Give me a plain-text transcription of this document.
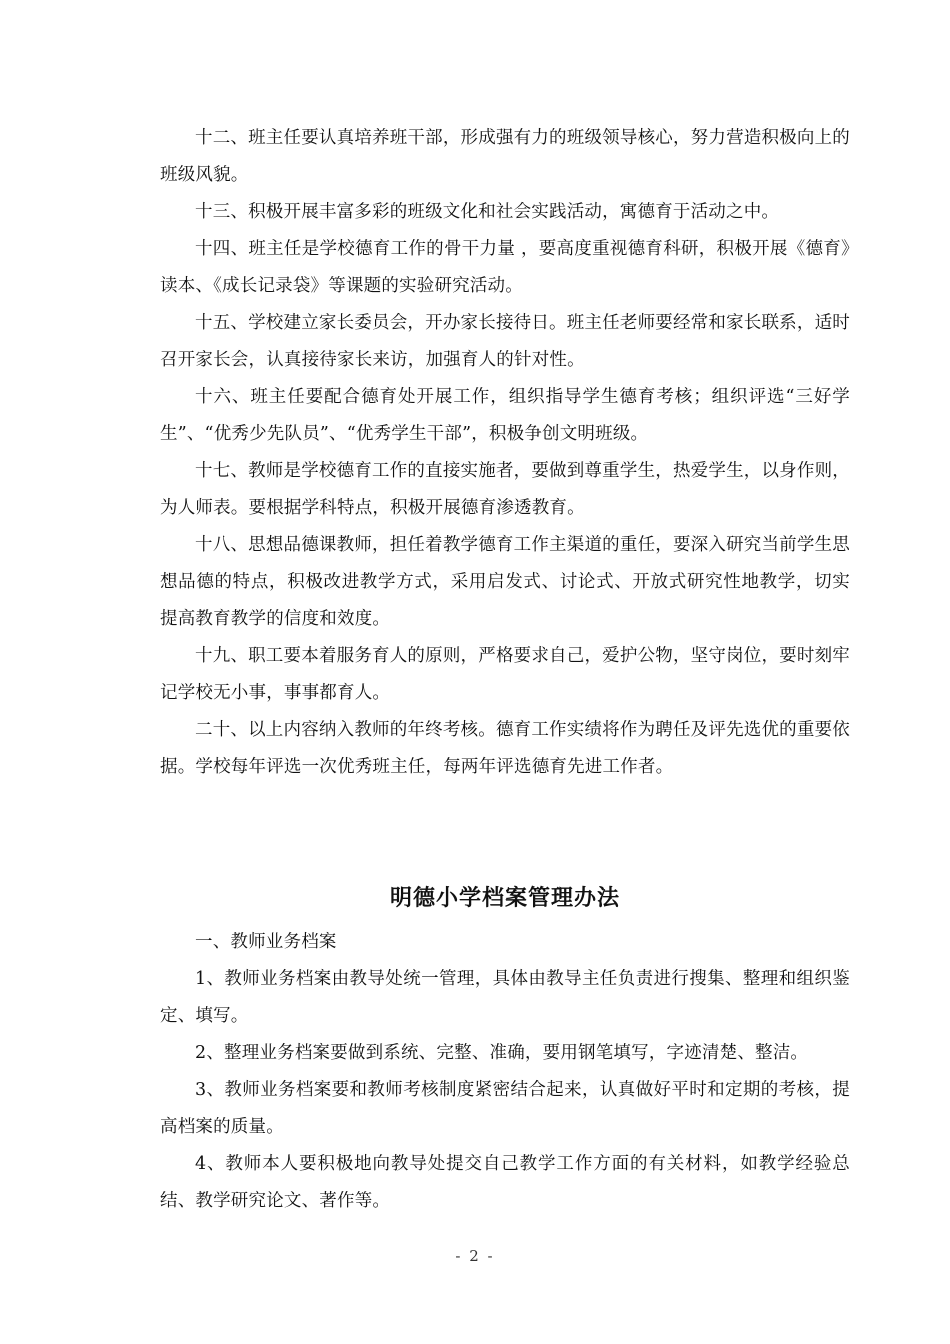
十二、班主任要认真培养班干部，形成强有力的班级领导核心，努力营造积极向上的班级风貌。

十三、积极开展丰富多彩的班级文化和社会实践活动，寓德育于活动之中。

十四、班主任是学校德育工作的骨干力量 ，要高度重视德育科研，积极开展《德育》读本、《成长记录袋》等课题的实验研究活动。

十五、学校建立家长委员会，开办家长接待日。班主任老师要经常和家长联系，适时召开家长会，认真接待家长来访，加强育人的针对性。

十六、班主任要配合德育处开展工作，组织指导学生德育考核；组织评选“三好学生”、“优秀少先队员”、“优秀学生干部”，积极争创文明班级。

十七、教师是学校德育工作的直接实施者，要做到尊重学生，热爱学生，以身作则，为人师表。要根据学科特点，积极开展德育渗透教育。

十八、思想品德课教师，担任着教学德育工作主渠道的重任，要深入研究当前学生思想品德的特点，积极改进教学方式，采用启发式、讨论式、开放式研究性地教学，切实提高教育教学的信度和效度。

十九、职工要本着服务育人的原则，严格要求自己，爱护公物，坚守岗位，要时刻牢记学校无小事，事事都育人。

二十、以上内容纳入教师的年终考核。德育工作实绩将作为聘任及评先选优的重要依据。学校每年评选一次优秀班主任，每两年评选德育先进工作者。

明德小学档案管理办法

一、教师业务档案

1、教师业务档案由教导处统一管理，具体由教导主任负责进行搜集、整理和组织鉴定、填写。

2、整理业务档案要做到系统、完整、准确，要用钢笔填写，字迹清楚、整洁。

3、教师业务档案要和教师考核制度紧密结合起来，认真做好平时和定期的考核，提高档案的质量。

4、教师本人要积极地向教导处提交自己教学工作方面的有关材料，如教学经验总结、教学研究论文、著作等。

- 2 -
